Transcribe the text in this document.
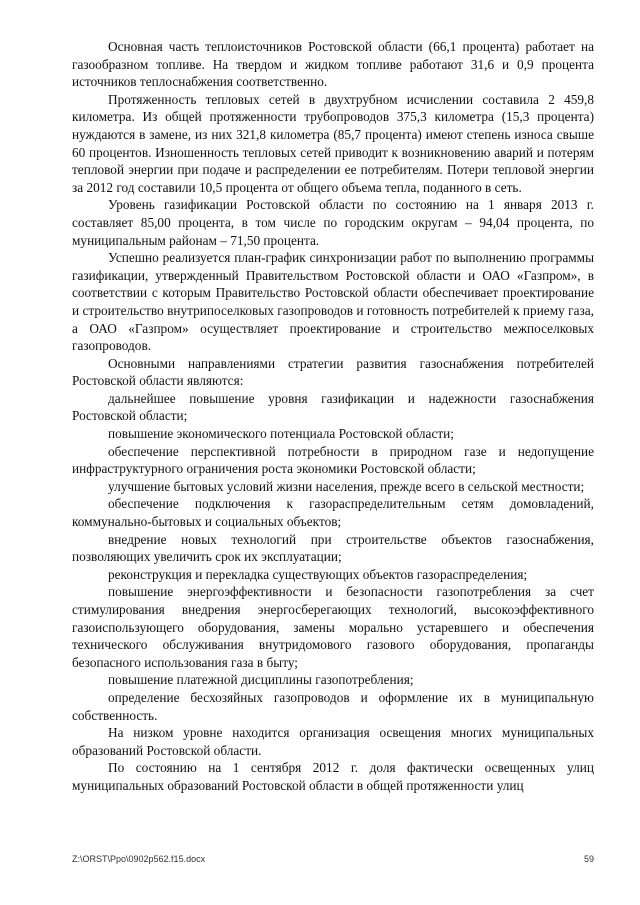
Основная часть теплоисточников Ростовской области (66,1 процента) работает на газообразном топливе. На твердом и жидком топливе работают 31,6 и 0,9 процента источников теплоснабжения соответственно.

Протяженность тепловых сетей в двухтрубном исчислении составила 2 459,8 километра. Из общей протяженности трубопроводов 375,3 километра (15,3 процента) нуждаются в замене, из них 321,8 километра (85,7 процента) имеют степень износа свыше 60 процентов. Изношенность тепловых сетей приводит к возникновению аварий и потерям тепловой энергии при подаче и распределении ее потребителям. Потери тепловой энергии за 2012 год составили 10,5 процента от общего объема тепла, поданного в сеть.

Уровень газификации Ростовской области по состоянию на 1 января 2013 г. составляет 85,00 процента, в том числе по городским округам – 94,04 процента, по муниципальным районам – 71,50 процента.

Успешно реализуется план-график синхронизации работ по выполнению программы газификации, утвержденный Правительством Ростовской области и ОАО «Газпром», в соответствии с которым Правительство Ростовской области обеспечивает проектирование и строительство внутрипоселковых газопроводов и готовность потребителей к приему газа, а ОАО «Газпром» осуществляет проектирование и строительство межпоселковых газопроводов.

Основными направлениями стратегии развития газоснабжения потребителей Ростовской области являются:

дальнейшее повышение уровня газификации и надежности газоснабжения Ростовской области;

повышение экономического потенциала Ростовской области;

обеспечение перспективной потребности в природном газе и недопущение инфраструктурного ограничения роста экономики Ростовской области;

улучшение бытовых условий жизни населения, прежде всего в сельской местности;

обеспечение подключения к газораспределительным сетям домовладений, коммунально-бытовых и социальных объектов;

внедрение новых технологий при строительстве объектов газоснабжения, позволяющих увеличить срок их эксплуатации;

реконструкция и перекладка существующих объектов газораспределения;

повышение энергоэффективности и безопасности газопотребления за счет стимулирования внедрения энергосберегающих технологий, высокоэффективного газоиспользующего оборудования, замены морально устаревшего и обеспечения технического обслуживания внутридомового газового оборудования, пропаганды безопасного использования газа в быту;

повышение платежной дисциплины газопотребления;

определение бесхозяйных газопроводов и оформление их в муниципальную собственность.

На низком уровне находится организация освещения многих муниципальных образований Ростовской области.

По состоянию на 1 сентября 2012 г. доля фактически освещенных улиц муниципальных образований Ростовской области в общей протяженности улиц

Z:\ORST\Ppo\0902p562.f15.docx	59
